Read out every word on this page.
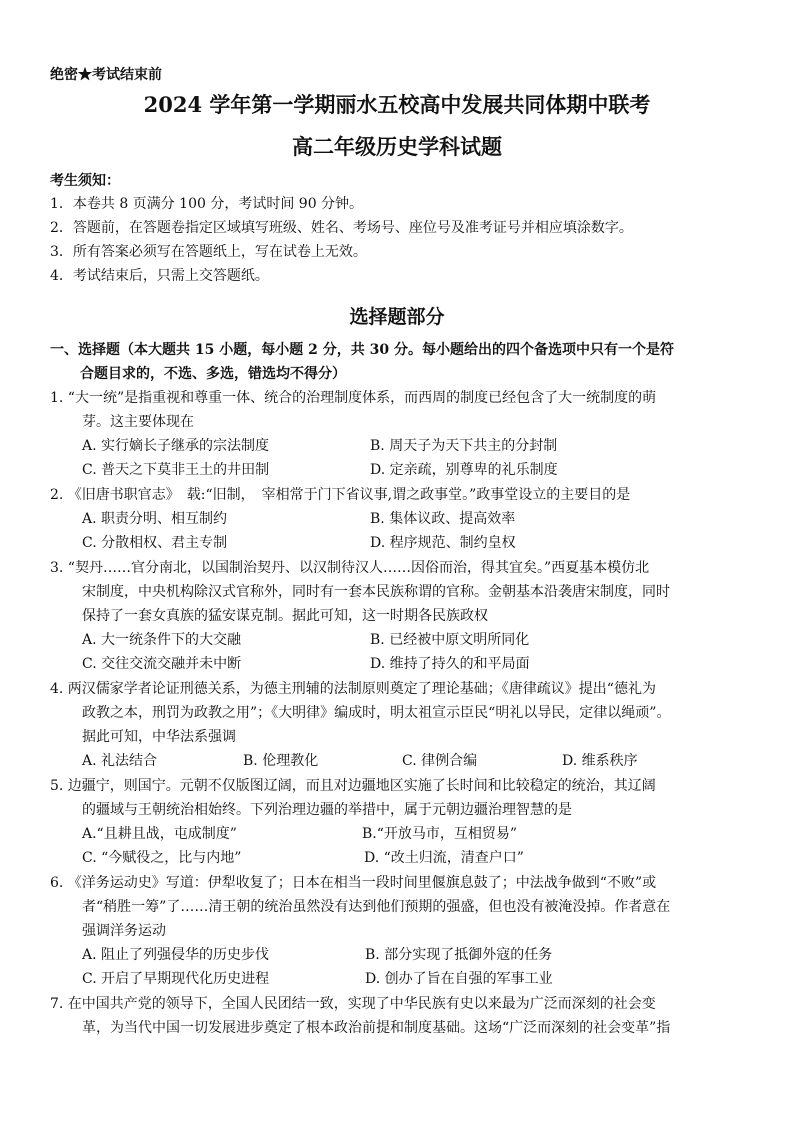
绝密★考试结束前
2024 学年第一学期丽水五校高中发展共同体期中联考
高二年级历史学科试题
考生须知：
1．本卷共 8 页满分 100 分，考试时间 90 分钟。
2．答题前，在答题卷指定区域填写班级、姓名、考场号、座位号及准考证号并相应填涂数字。
3．所有答案必须写在答题纸上，写在试卷上无效。
4．考试结束后，只需上交答题纸。
选择题部分
一、选择题（本大题共 15 小题，每小题 2 分，共 30 分。每小题给出的四个备选项中只有一个是符
合题目求的，不选、多选，错选均不得分）
1. “大一统”是指重视和尊重一体、统合的治理制度体系，而西周的制度已经包含了大一统制度的萌
芽。这主要体现在
A. 实行嫡长子继承的宗法制度	B. 周天子为天下共主的分封制
C. 普天之下莫非王土的井田制	D. 定亲疏，别尊卑的礼乐制度
2. 《旧唐书职官志》　载:“旧制，　宰相常于门下省议事,谓之政事堂。”政事堂设立的主要目的是
A. 职责分明、相互制约	B. 集体议政、提高效率
C. 分散相权、君主专制	D. 程序规范、制约皇权
3. “契丹……官分南北，以国制治契丹、以汉制待汉人……因俗而治，得其宜矣。”西夏基本模仿北
宋制度，中央机构除汉式官称外，同时有一套本民族称谓的官称。金朝基本沿袭唐宋制度，同时
保持了一套女真族的猛安谋克制。据此可知，这一时期各民族政权
A. 大一统条件下的大交融	B. 已经被中原文明所同化
C. 交往交流交融并未中断	D. 维持了持久的和平局面
4. 两汉儒家学者论证刑德关系，为德主刑辅的法制原则奠定了理论基础；《唐律疏议》提出“德礼为
政教之本，刑罚为政教之用”；《大明律》编成时，明太祖宣示臣民“明礼以导民，定律以绳顽”。
据此可知，中华法系强调
A. 礼法结合	B. 伦理教化	C. 律例合编	D. 维系秩序
5. 边疆宁，则国宁。元朝不仅版图辽阔，而且对边疆地区实施了长时间和比较稳定的统治，其辽阔
的疆域与王朝统治相始终。下列治理边疆的举措中，属于元朝边疆治理智慧的是
A.“且耕且战，屯成制度”	B.“开放马市，互相贸易”
C. “今赋役之，比与内地”	D. “改土归流，清查户口”
6. 《洋务运动史》写道：伊犁收复了；日本在相当一段时间里偃旗息鼓了；中法战争做到“不败”或
者“稍胜一筹”了……清王朝的统治虽然没有达到他们预期的强盛，但也没有被淹没掉。作者意在
强调洋务运动
A. 阻止了列强侵华的历史步伐	B. 部分实现了抵御外寇的任务
C. 开启了早期现代化历史进程	D. 创办了旨在自强的军事工业
7. 在中国共产党的领导下，全国人民团结一致，实现了中华民族有史以来最为广泛而深刻的社会变
革，为当代中国一切发展进步奠定了根本政治前提和制度基础。这场“广泛而深刻的社会变革”指
